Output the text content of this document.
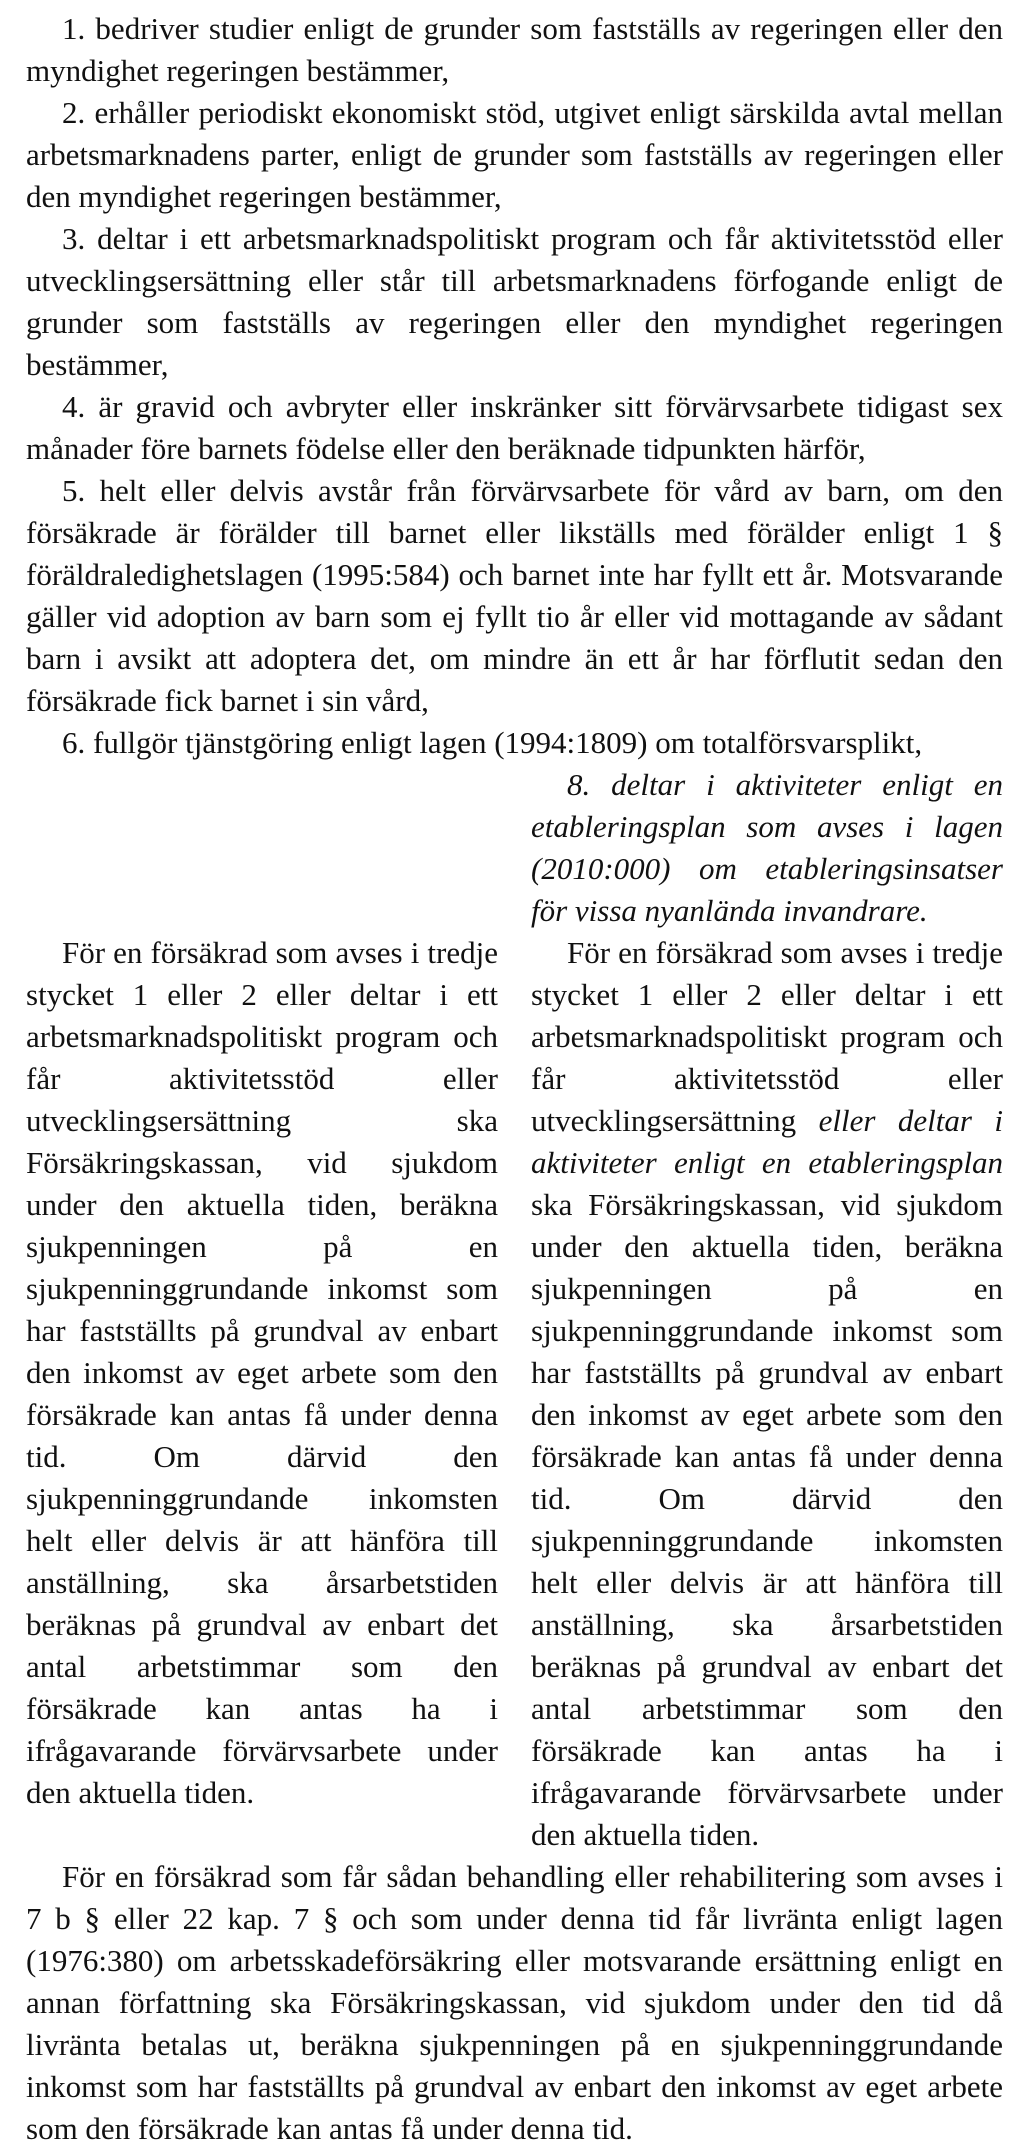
1. bedriver studier enligt de grunder som fastställs av regeringen eller den myndighet regeringen bestämmer,

2. erhåller periodiskt ekonomiskt stöd, utgivet enligt särskilda avtal mellan arbetsmarknadens parter, enligt de grunder som fastställs av regeringen eller den myndighet regeringen bestämmer,

3. deltar i ett arbetsmarknadspolitiskt program och får aktivitetsstöd eller utvecklingsersättning eller står till arbetsmarknadens förfogande enligt de grunder som fastställs av regeringen eller den myndighet regeringen bestämmer,

4. är gravid och avbryter eller inskränker sitt förvärvsarbete tidigast sex månader före barnets födelse eller den beräknade tidpunkten härför,

5. helt eller delvis avstår från förvärvsarbete för vård av barn, om den försäkrade är förälder till barnet eller likställs med förälder enligt 1 § föräldraledighetslagen (1995:584) och barnet inte har fyllt ett år. Motsvarande gäller vid adoption av barn som ej fyllt tio år eller vid mottagande av sådant barn i avsikt att adoptera det, om mindre än ett år har förflutit sedan den försäkrade fick barnet i sin vård,

6. fullgör tjänstgöring enligt lagen (1994:1809) om totalförsvarsplikt,

För en försäkrad som avses i tredje stycket 1 eller 2 eller deltar i ett arbetsmarknadspolitiskt program och får aktivitetsstöd eller utvecklingsersättning ska Försäkringskassan, vid sjukdom under den aktuella tiden, beräkna sjukpenningen på en sjukpenninggrundande inkomst som har fastställts på grundval av enbart den inkomst av eget arbete som den försäkrade kan antas få under denna tid. Om därvid den sjukpenninggrundande inkomsten helt eller delvis är att hänföra till anställning, ska årsarbetstiden beräknas på grundval av enbart det antal arbetstimmar som den försäkrade kan antas ha i ifrågavarande förvärvsarbete under den aktuella tiden.

8. deltar i aktiviteter enligt en etableringsplan som avses i lagen (2010:000) om etableringsinsatser för vissa nyanlända invandrare.

För en försäkrad som avses i tredje stycket 1 eller 2 eller deltar i ett arbetsmarknadspolitiskt program och får aktivitetsstöd eller utvecklingsersättning eller deltar i aktiviteter enligt en etableringsplan ska Försäkringskassan, vid sjukdom under den aktuella tiden, beräkna sjukpenningen på en sjukpenninggrundande inkomst som har fastställts på grundval av enbart den inkomst av eget arbete som den försäkrade kan antas få under denna tid. Om därvid den sjukpenninggrundande inkomsten helt eller delvis är att hänföra till anställning, ska årsarbetstiden beräknas på grundval av enbart det antal arbetstimmar som den försäkrade kan antas ha i ifrågavarande förvärvsarbete under den aktuella tiden.

För en försäkrad som får sådan behandling eller rehabilitering som avses i 7 b § eller 22 kap. 7 § och som under denna tid får livränta enligt lagen (1976:380) om arbetsskadeförsäkring eller motsvarande ersättning enligt en annan författning ska Försäkringskassan, vid sjukdom under den tid då livränta betalas ut, beräkna sjukpenningen på en sjukpenninggrundande inkomst som har fastställts på grundval av enbart den inkomst av eget arbete som den försäkrade kan antas få under denna tid.
